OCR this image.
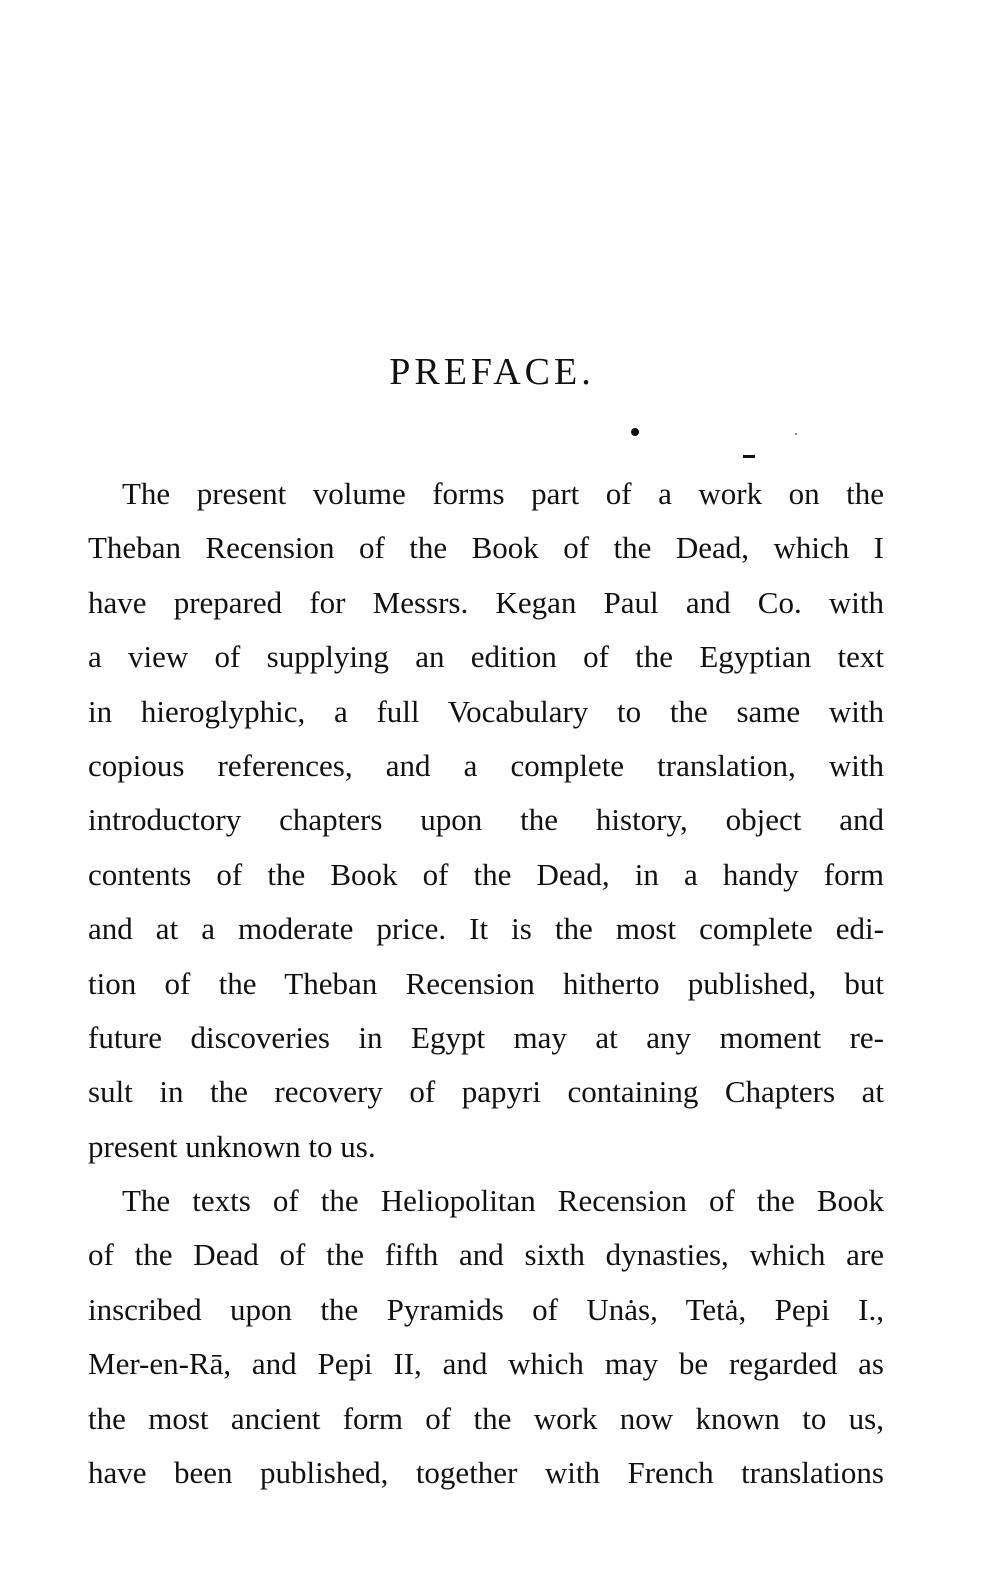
PREFACE.
The present volume forms part of a work on the
Theban Recension of the Book of the Dead, which I
have prepared for Messrs. Kegan Paul and Co. with
a view of supplying an edition of the Egyptian text
in hieroglyphic, a full Vocabulary to the same with
copious references, and a complete translation, with
introductory chapters upon the history, object and
contents of the Book of the Dead, in a handy form
and at a moderate price. It is the most complete edi-
tion of the Theban Recension hitherto published, but
future discoveries in Egypt may at any moment re-
sult in the recovery of papyri containing Chapters at
present unknown to us.
The texts of the Heliopolitan Recension of the Book
of the Dead of the fifth and sixth dynasties, which are
inscribed upon the Pyramids of Unȧs, Tetȧ, Pepi I.,
Mer-en-Rā, and Pepi II, and which may be regarded as
the most ancient form of the work now known to us,
have been published, together with French translations
